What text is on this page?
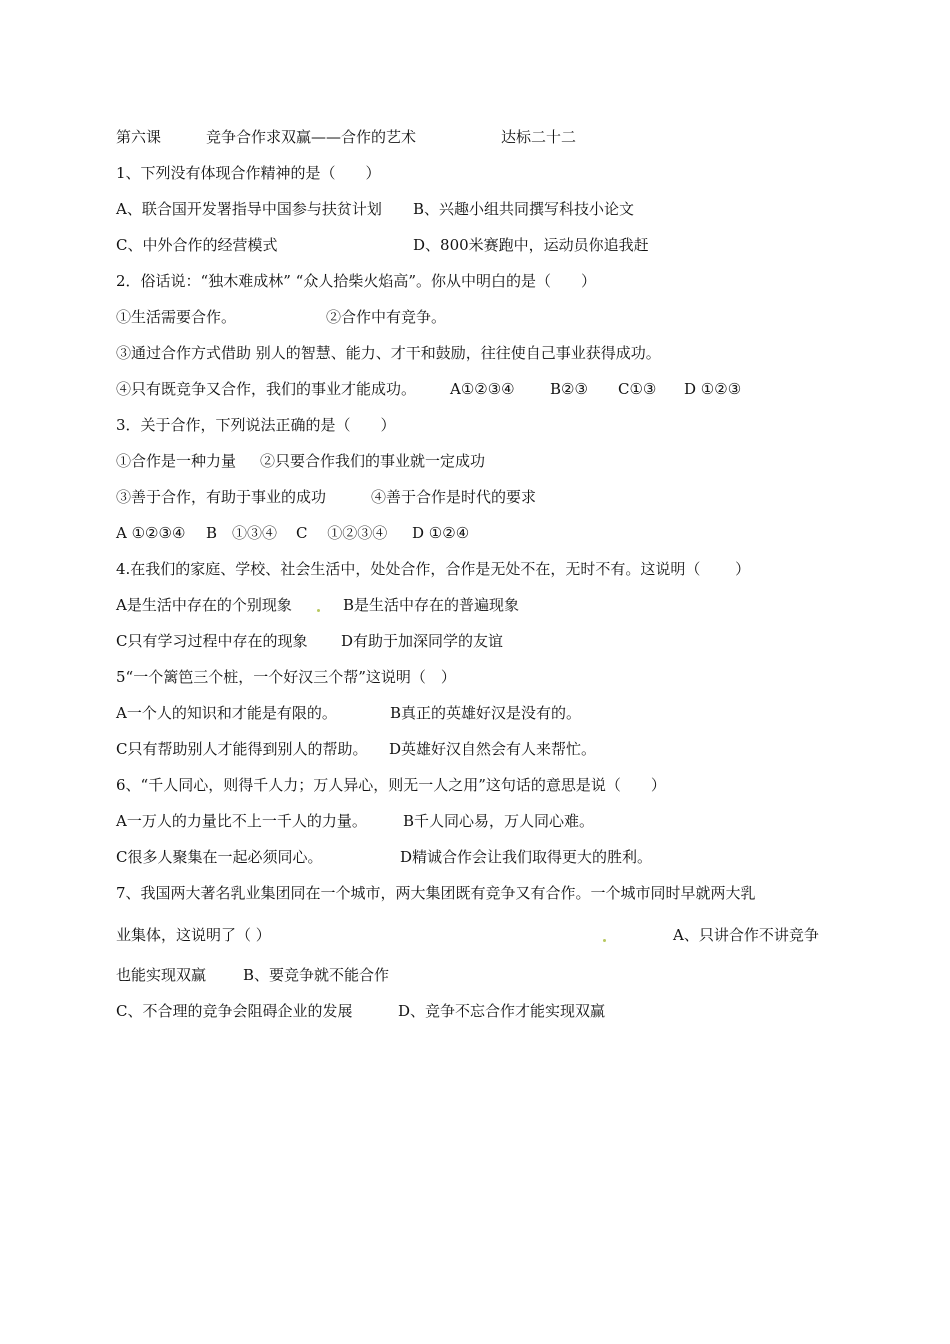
第六课	竞争合作求双赢——合作的艺术	达标二十二
1、下列没有体现合作精神的是（　　）
A、联合国开发署指导中国参与扶贫计划 B、兴趣小组共同撰写科技小论文
C、中外合作的经营模式	D、800米赛跑中，运动员你追我赶
2．俗话说：“独木难成林” “众人拾柴火焰高”。你从中明白的是（　　）
①生活需要合作。	②合作中有竞争。
③通过合作方式借助 别人的智慧、能力、才干和鼓励，往往使自己事业获得成功。
④只有既竞争又合作，我们的事业才能成功。 A①②③④ B②③ C①③ D ①②③
3．关于合作，下列说法正确的是（　　）
①合作是一种力量 ②只要合作我们的事业就一定成功
③善于合作，有助于事业的成功	④善于合作是时代的要求
A ①②③④ B　①③④ C　 ①②③④ D ①②④
4.在我们的家庭、学校、社会生活中，处处合作，合作是无处不在，无时不有。这说明（　　 ）
A是生活中存在的个别现象	B是生活中存在的普遍现象
C只有学习过程中存在的现象 D有助于加深同学的友谊
5“一个篱笆三个桩，一个好汉三个帮”这说明（　）
A一个人的知识和才能是有限的。	B真正的英雄好汉是没有的。
C只有帮助别人才能得到别人的帮助。 D英雄好汉自然会有人来帮忙。
6、“千人同心，则得千人力；万人异心，则无一人之用”这句话的意思是说（　　）
A一万人的力量比不上一千人的力量。 B千人同心易，万人同心难。
C很多人聚集在一起必须同心。	D精诚合作会让我们取得更大的胜利。
7、我国两大著名乳业集团同在一个城市，两大集团既有竞争又有合作。一个城市同时早就两大乳
业集体，这说明了（ ）	A、只讲合作不讲竞争
也能实现双赢 B、要竞争就不能合作
C、不合理的竞争会阻碍企业的发展	D、竞争不忘合作才能实现双赢
